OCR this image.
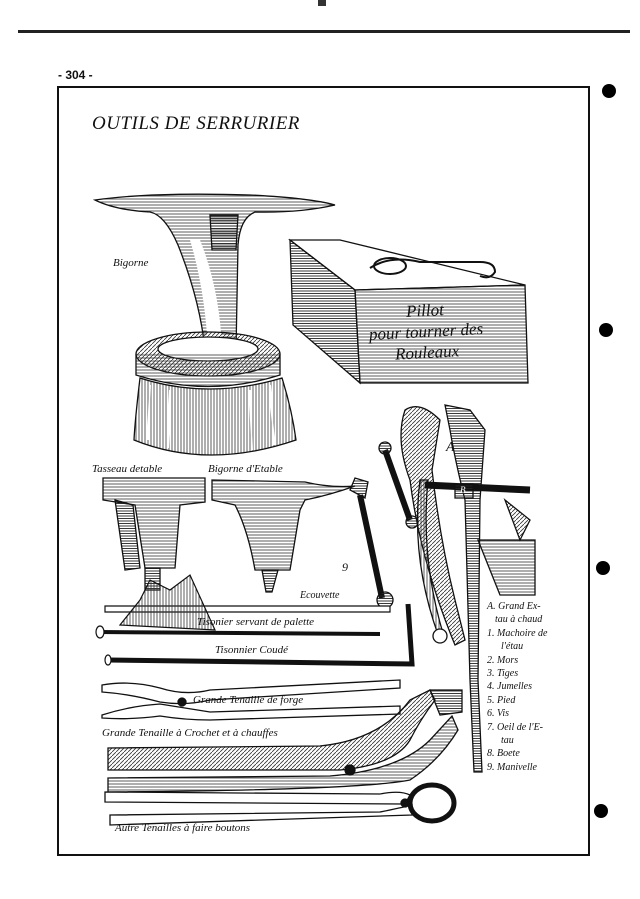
- 304 -
OUTILS DE SERRURIER
Bigorne
Pillot
pour tourner des
Rouleaux
Tasseau detable	Bigorne d'Etable
Ecouvette
9
A
B
Tisonier servant de palette
Tisonnier Coudé
Grande Tenaille de forge
Grande Tenaille à Crochet et à chauffes
Autre Tenailles à faire boutons
A. Grand Ex-
tau à chaud
1. Machoire de
l'étau
2. Mors
3. Tiges
4. Jumelles
5. Pied
6. Vis
7. Oeil de l'E-
tau
8. Boete
9. Manivelle
